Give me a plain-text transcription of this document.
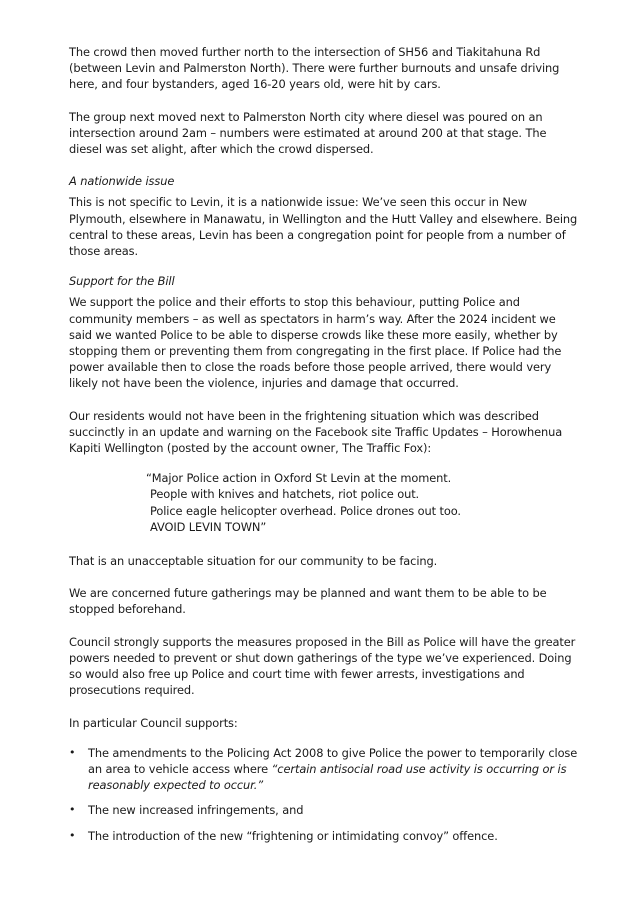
The crowd then moved further north to the intersection of SH56 and Tiakitahuna Rd (between Levin and Palmerston North). There were further burnouts and unsafe driving here, and four bystanders, aged 16-20 years old, were hit by cars.

The group next moved next to Palmerston North city where diesel was poured on an intersection around 2am – numbers were estimated at around 200 at that stage. The diesel was set alight, after which the crowd dispersed.

A nationwide issue

This is not specific to Levin, it is a nationwide issue: We’ve seen this occur in New Plymouth, elsewhere in Manawatu, in Wellington and the Hutt Valley and elsewhere. Being central to these areas, Levin has been a congregation point for people from a number of those areas.

Support for the Bill

We support the police and their efforts to stop this behaviour, putting Police and community members – as well as spectators in harm’s way. After the 2024 incident we said we wanted Police to be able to disperse crowds like these more easily, whether by stopping them or preventing them from congregating in the first place. If Police had the power available then to close the roads before those people arrived, there would very likely not have been the violence, injuries and damage that occurred.

Our residents would not have been in the frightening situation which was described succinctly in an update and warning on the Facebook site Traffic Updates – Horowhenua Kapiti Wellington (posted by the account owner, The Traffic Fox):

“Major Police action in Oxford St Levin at the moment.
People with knives and hatchets, riot police out.
Police eagle helicopter overhead. Police drones out too.
AVOID LEVIN TOWN”

That is an unacceptable situation for our community to be facing.

We are concerned future gatherings may be planned and want them to be able to be stopped beforehand.

Council strongly supports the measures proposed in the Bill as Police will have the greater powers needed to prevent or shut down gatherings of the type we’ve experienced. Doing so would also free up Police and court time with fewer arrests, investigations and prosecutions required.

In particular Council supports:

• The amendments to the Policing Act 2008 to give Police the power to temporarily close an area to vehicle access where “certain antisocial road use activity is occurring or is reasonably expected to occur.”
• The new increased infringements, and
• The introduction of the new “frightening or intimidating convoy” offence.
